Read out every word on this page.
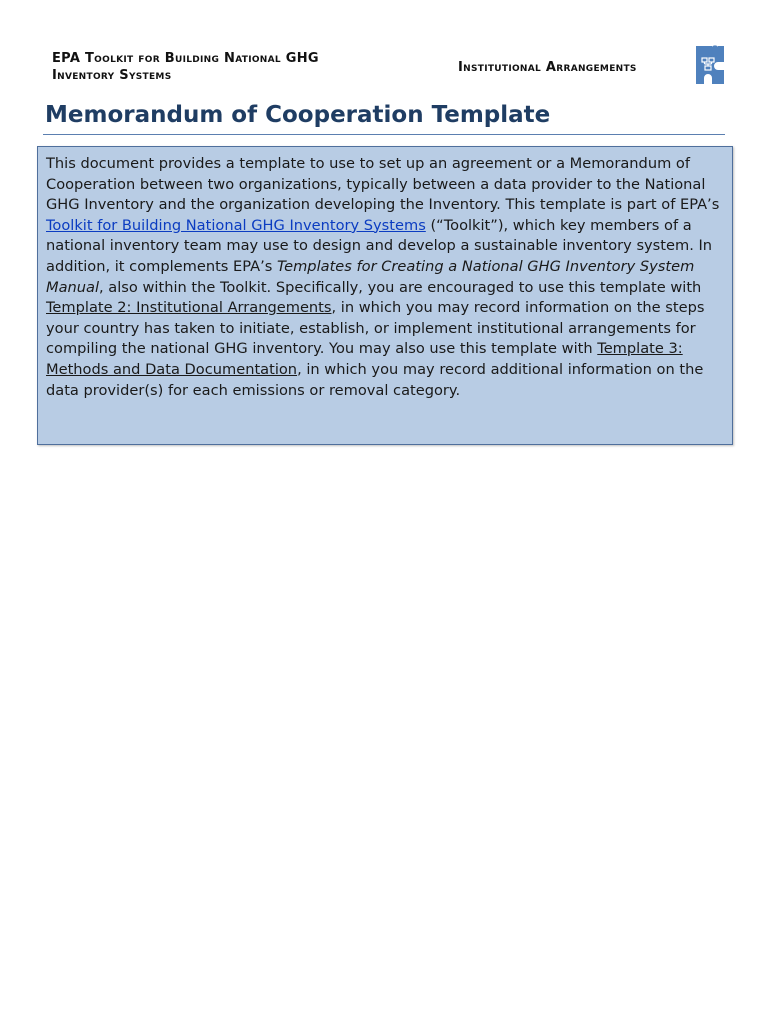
EPA Toolkit for Building National GHG
Inventory Systems
Institutional Arrangements
Memorandum of Cooperation Template
This document provides a template to use to set up an agreement or a Memorandum of Cooperation between two organizations, typically between a data provider to the National GHG Inventory and the organization developing the Inventory. This template is part of EPA’s Toolkit for Building National GHG Inventory Systems (“Toolkit”), which key members of a national inventory team may use to design and develop a sustainable inventory system. In addition, it complements EPA’s Templates for Creating a National GHG Inventory System Manual, also within the Toolkit. Specifically, you are encouraged to use this template with Template 2: Institutional Arrangements, in which you may record information on the steps your country has taken to initiate, establish, or implement institutional arrangements for compiling the national GHG inventory. You may also use this template with Template 3: Methods and Data Documentation, in which you may record additional information on the data provider(s) for each emissions or removal category.
